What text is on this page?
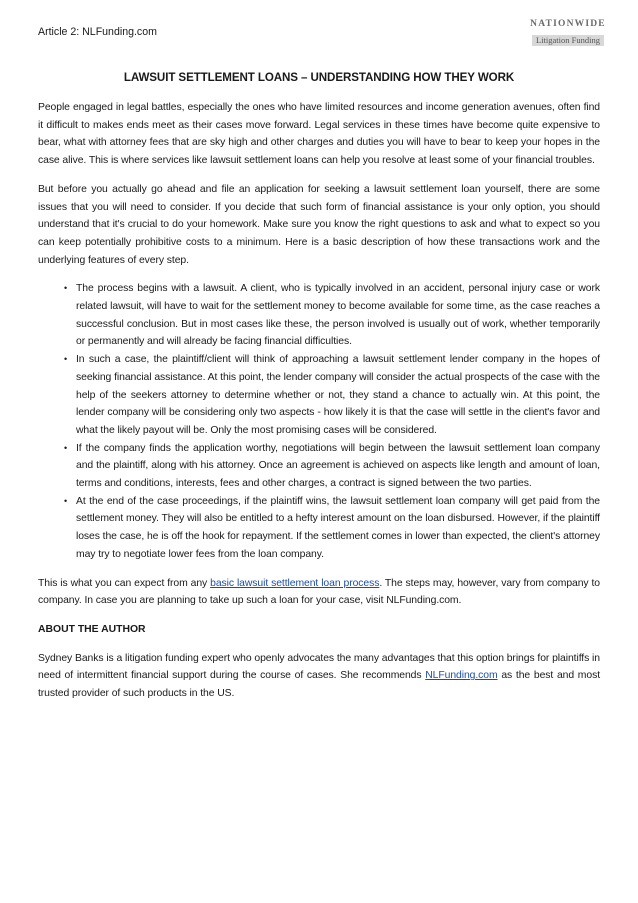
Article 2: NLFunding.com
NATIONWIDE
Litigation Funding
LAWSUIT SETTLEMENT LOANS – UNDERSTANDING HOW THEY WORK

People engaged in legal battles, especially the ones who have limited resources and income generation avenues, often find it difficult to makes ends meet as their cases move forward. Legal services in these times have become quite expensive to bear, what with attorney fees that are sky high and other charges and duties you will have to bear to keep your hopes in the case alive. This is where services like lawsuit settlement loans can help you resolve at least some of your financial troubles.

But before you actually go ahead and file an application for seeking a lawsuit settlement loan yourself, there are some issues that you will need to consider. If you decide that such form of financial assistance is your only option, you should understand that it's crucial to do your homework. Make sure you know the right questions to ask and what to expect so you can keep potentially prohibitive costs to a minimum. Here is a basic description of how these transactions work and the underlying features of every step.

• The process begins with a lawsuit. A client, who is typically involved in an accident, personal injury case or work related lawsuit, will have to wait for the settlement money to become available for some time, as the case reaches a successful conclusion. But in most cases like these, the person involved is usually out of work, whether temporarily or permanently and will already be facing financial difficulties.
• In such a case, the plaintiff/client will think of approaching a lawsuit settlement lender company in the hopes of seeking financial assistance. At this point, the lender company will consider the actual prospects of the case with the help of the seekers attorney to determine whether or not, they stand a chance to actually win. At this point, the lender company will be considering only two aspects - how likely it is that the case will settle in the client's favor and what the likely payout will be. Only the most promising cases will be considered.
• If the company finds the application worthy, negotiations will begin between the lawsuit settlement loan company and the plaintiff, along with his attorney. Once an agreement is achieved on aspects like length and amount of loan, terms and conditions, interests, fees and other charges, a contract is signed between the two parties.
• At the end of the case proceedings, if the plaintiff wins, the lawsuit settlement loan company will get paid from the settlement money. They will also be entitled to a hefty interest amount on the loan disbursed. However, if the plaintiff loses the case, he is off the hook for repayment. If the settlement comes in lower than expected, the client's attorney may try to negotiate lower fees from the loan company.

This is what you can expect from any basic lawsuit settlement loan process. The steps may, however, vary from company to company. In case you are planning to take up such a loan for your case, visit NLFunding.com.

ABOUT THE AUTHOR

Sydney Banks is a litigation funding expert who openly advocates the many advantages that this option brings for plaintiffs in need of intermittent financial support during the course of cases. She recommends NLFunding.com as the best and most trusted provider of such products in the US.
